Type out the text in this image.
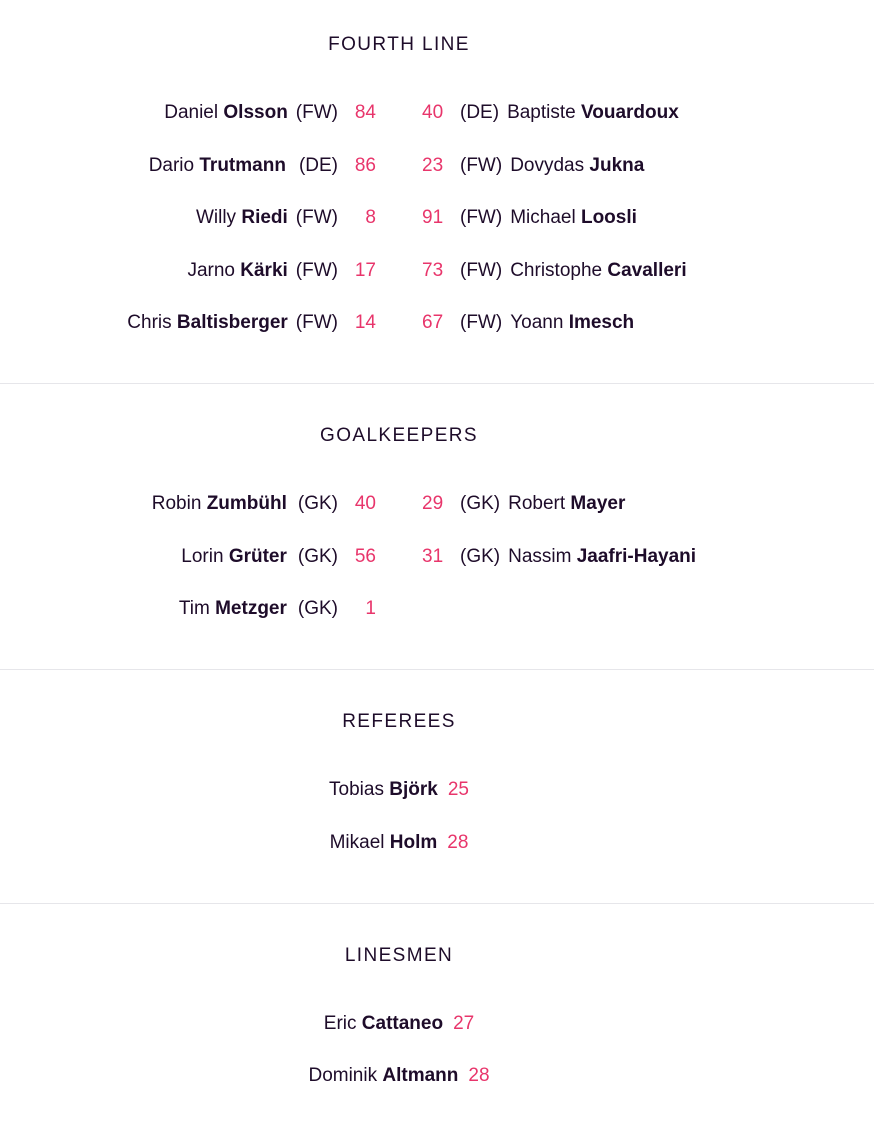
FOURTH LINE
Daniel Olsson (FW) 84 40 (DE) Baptiste Vouardoux
Dario Trutmann (DE) 86 23 (FW) Dovydas Jukna
Willy Riedi (FW) 8 91 (FW) Michael Loosli
Jarno Kärki (FW) 17 73 (FW) Christophe Cavalleri
Chris Baltisberger (FW) 14 67 (FW) Yoann Imesch
GOALKEEPERS
Robin Zumbühl (GK) 40 29 (GK) Robert Mayer
Lorin Grüter (GK) 56 31 (GK) Nassim Jaafri-Hayani
Tim Metzger (GK) 1
REFEREES
Tobias Björk 25
Mikael Holm 28
LINESMEN
Eric Cattaneo 27
Dominik Altmann 28
